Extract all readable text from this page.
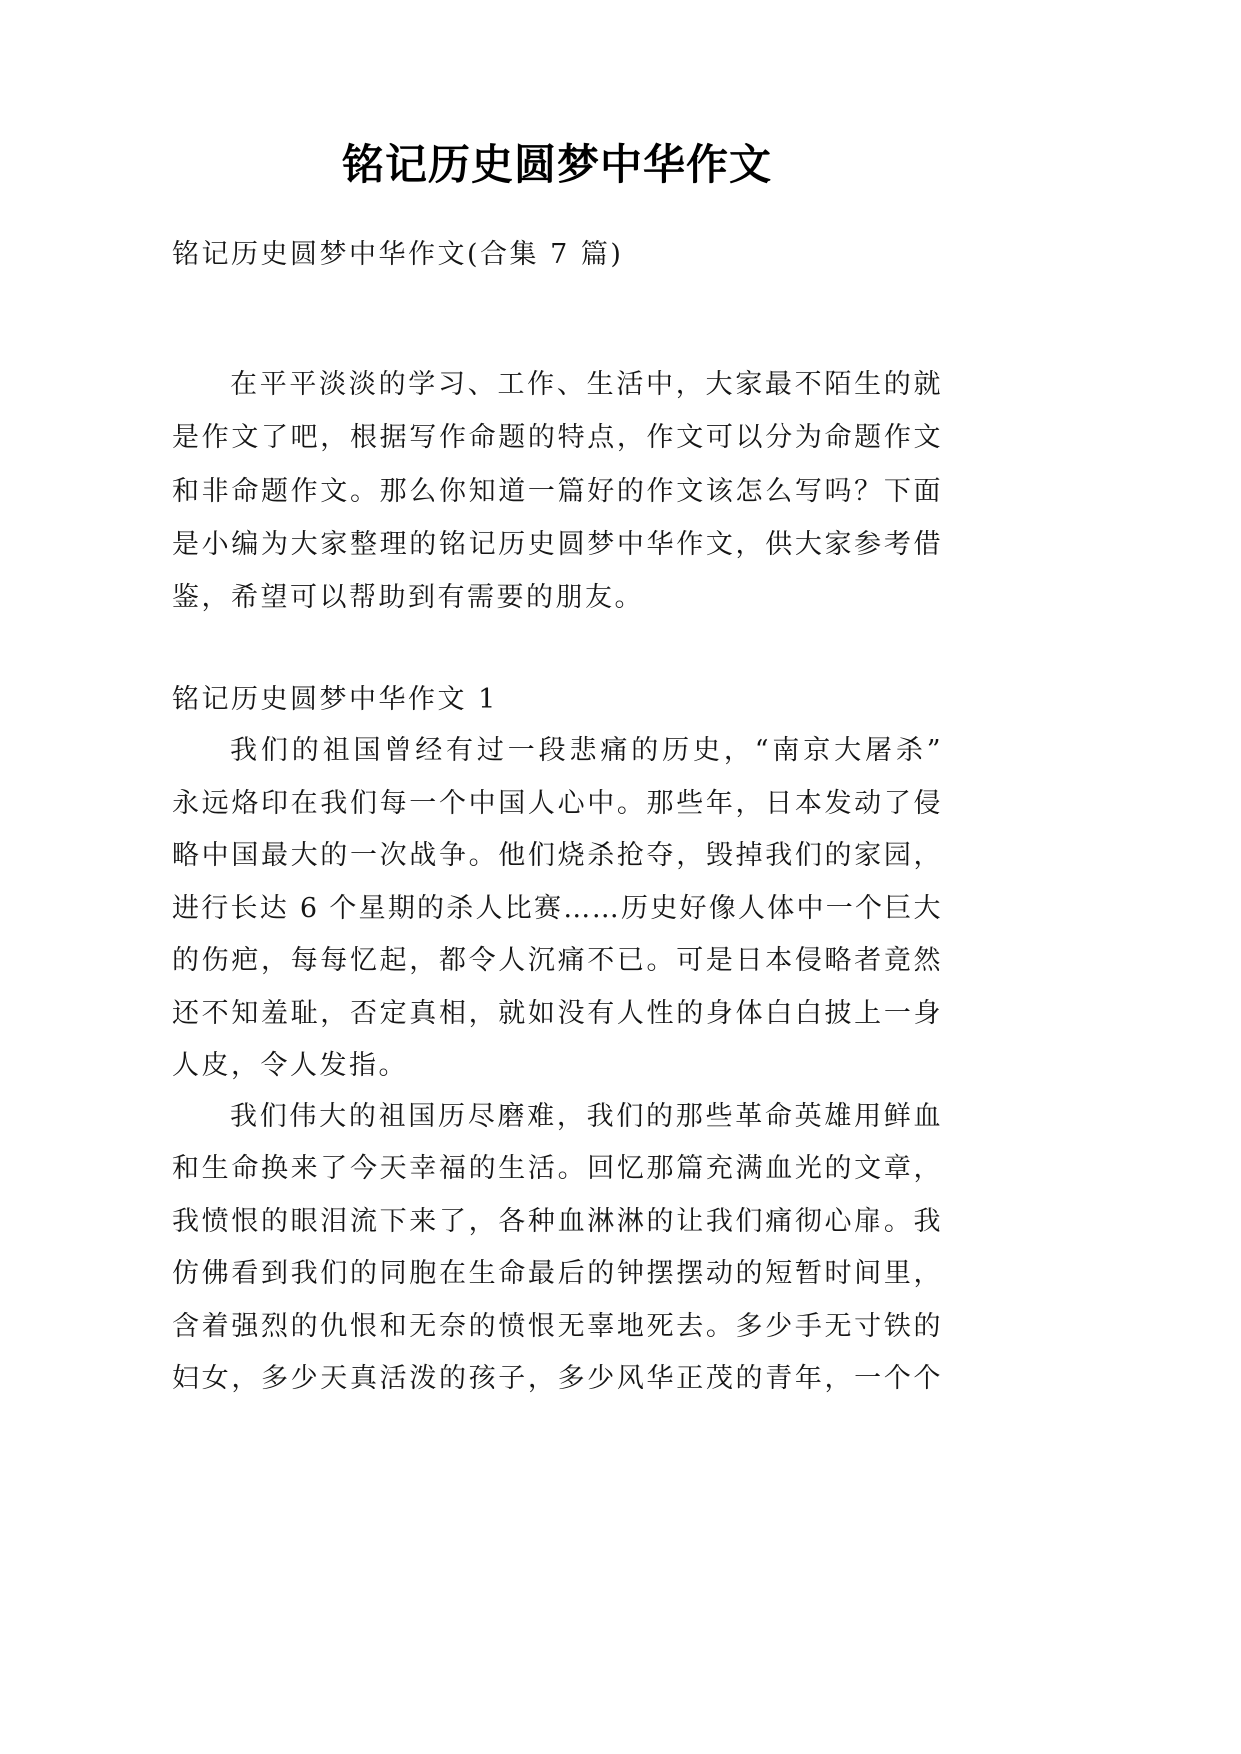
铭记历史圆梦中华作文
铭记历史圆梦中华作文(合集 7 篇)
在平平淡淡的学习、工作、生活中，大家最不陌生的就
是作文了吧，根据写作命题的特点，作文可以分为命题作文
和非命题作文。那么你知道一篇好的作文该怎么写吗？下面
是小编为大家整理的铭记历史圆梦中华作文，供大家参考借
鉴，希望可以帮助到有需要的朋友。
铭记历史圆梦中华作文 1
我们的祖国曾经有过一段悲痛的历史，“南京大屠杀”
永远烙印在我们每一个中国人心中。那些年，日本发动了侵
略中国最大的一次战争。他们烧杀抢夺，毁掉我们的家园，
进行长达 6 个星期的杀人比赛……历史好像人体中一个巨大
的伤疤，每每忆起，都令人沉痛不已。可是日本侵略者竟然
还不知羞耻，否定真相，就如没有人性的身体白白披上一身
人皮，令人发指。
我们伟大的祖国历尽磨难，我们的那些革命英雄用鲜血
和生命换来了今天幸福的生活。回忆那篇充满血光的文章，
我愤恨的眼泪流下来了，各种血淋淋的让我们痛彻心扉。我
仿佛看到我们的同胞在生命最后的钟摆摆动的短暂时间里，
含着强烈的仇恨和无奈的愤恨无辜地死去。多少手无寸铁的
妇女，多少天真活泼的孩子，多少风华正茂的青年，一个个
